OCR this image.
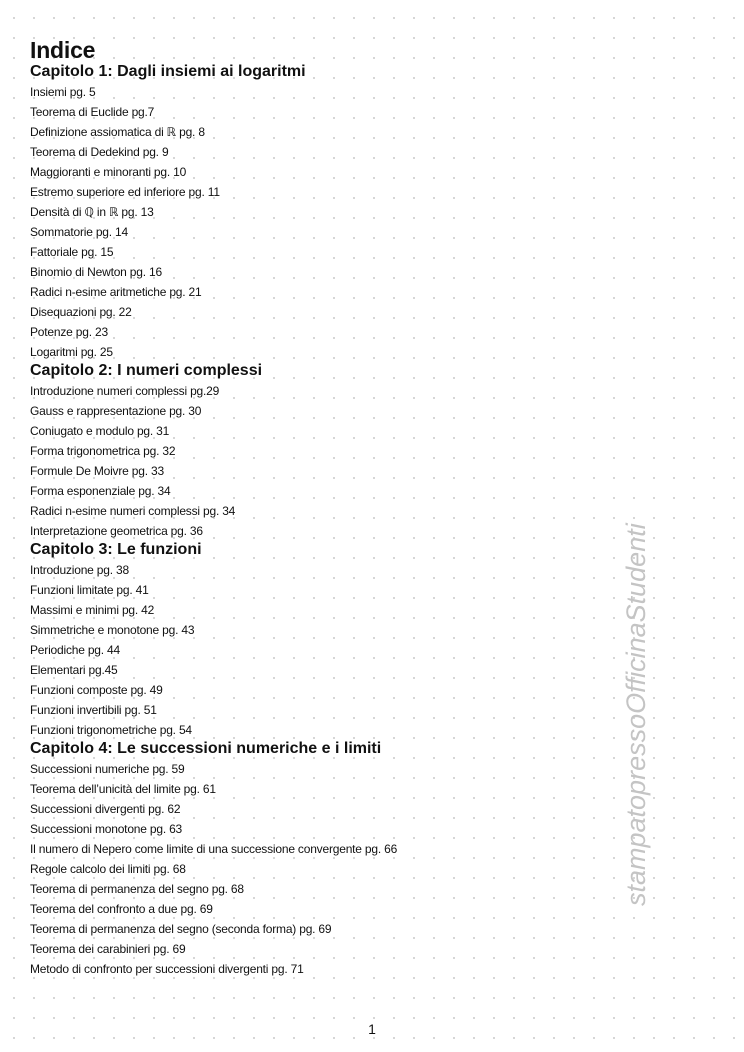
Indice
Capitolo 1: Dagli insiemi ai logaritmi
Insiemi pg. 5
Teorema di Euclide pg.7
Definizione assiomatica di ℝ pg. 8
Teorema di Dedekind pg. 9
Maggioranti e minoranti pg. 10
Estremo superiore ed inferiore pg. 11
Densità di ℚ in ℝ pg. 13
Sommatorie pg. 14
Fattoriale pg. 15
Binomio di Newton pg. 16
Radici n-esime aritmetiche pg. 21
Disequazioni pg. 22
Potenze pg. 23
Logaritmi pg. 25
Capitolo 2: I numeri complessi
Introduzione numeri complessi pg.29
Gauss e rappresentazione pg. 30
Coniugato e modulo pg. 31
Forma trigonometrica pg. 32
Formule De Moivre pg. 33
Forma esponenziale pg. 34
Radici n-esime numeri complessi pg. 34
Interpretazione geometrica pg. 36
Capitolo 3: Le funzioni
Introduzione pg. 38
Funzioni limitate pg. 41
Massimi e minimi pg. 42
Simmetriche e monotone pg. 43
Periodiche pg. 44
Elementari pg.45
Funzioni composte pg. 49
Funzioni invertibili pg. 51
Funzioni trigonometriche pg. 54
Capitolo 4: Le successioni numeriche e i limiti
Successioni numeriche pg. 59
Teorema dell’unicità del limite pg. 61
Successioni divergenti pg. 62
Successioni monotone pg. 63
Il numero di Nepero come limite di una successione convergente pg. 66
Regole calcolo dei limiti pg. 68
Teorema di permanenza del segno pg. 68
Teorema del confronto a due pg. 69
Teorema di permanenza del segno (seconda forma) pg. 69
Teorema dei carabinieri pg. 69
Metodo di confronto per successioni divergenti pg. 71
stampatopressoOfficinaStudenti
1
